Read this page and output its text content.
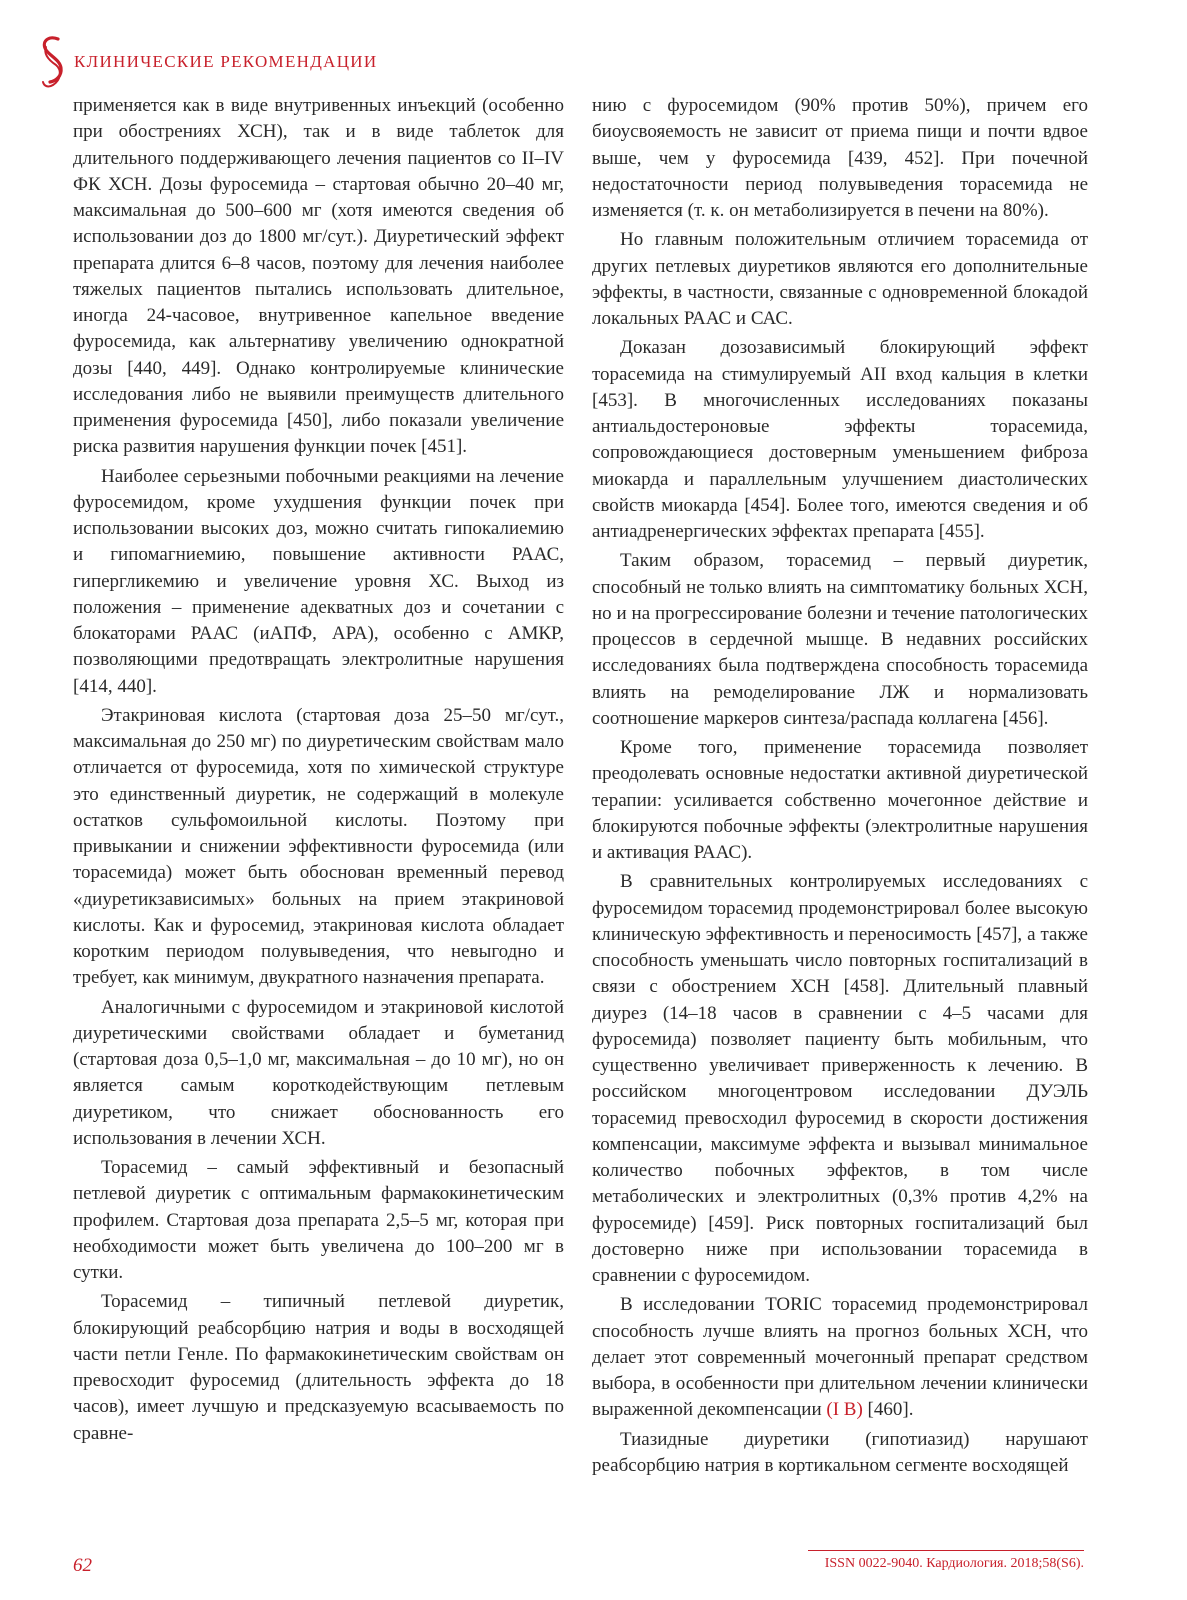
КЛИНИЧЕСКИЕ РЕКОМЕНДАЦИИ

применяется как в виде внутривенных инъекций (особенно при обострениях ХСН), так и в виде таблеток для длительного поддерживающего лечения пациентов со II–IV ФК ХСН. Дозы фуросемида – стартовая обычно 20–40 мг, максимальная до 500–600 мг (хотя имеются сведения об использовании доз до 1800 мг/сут.). Диуретический эффект препарата длится 6–8 часов, поэтому для лечения наиболее тяжелых пациентов пытались использовать длительное, иногда 24-часовое, внутривенное капельное введение фуросемида, как альтернативу увеличению однократной дозы [440, 449]. Однако контролируемые клинические исследования либо не выявили преимуществ длительного применения фуросемида [450], либо показали увеличение риска развития нарушения функции почек [451].

Наиболее серьезными побочными реакциями на лечение фуросемидом, кроме ухудшения функции почек при использовании высоких доз, можно считать гипокалиемию и гипомагниемию, повышение активности РААС, гипергликемию и увеличение уровня ХС. Выход из положения – применение адекватных доз и сочетании с блокаторами РААС (иАПФ, АРА), особенно с АМКР, позволяющими предотвращать электролитные нарушения [414, 440].

Этакриновая кислота (стартовая доза 25–50 мг/сут., максимальная до 250 мг) по диуретическим свойствам мало отличается от фуросемида, хотя по химической структуре это единственный диуретик, не содержащий в молекуле остатков сульфомоильной кислоты. Поэтому при привыкании и снижении эффективности фуросемида (или торасемида) может быть обоснован временный перевод «диуретикзависимых» больных на прием этакриновой кислоты. Как и фуросемид, этакриновая кислота обладает коротким периодом полувыведения, что невыгодно и требует, как минимум, двукратного назначения препарата.

Аналогичными с фуросемидом и этакриновой кислотой диуретическими свойствами обладает и буметанид (стартовая доза 0,5–1,0 мг, максимальная – до 10 мг), но он является самым короткодействующим петлевым диуретиком, что снижает обоснованность его использования в лечении ХСН.

Торасемид – самый эффективный и безопасный петлевой диуретик с оптимальным фармакокинетическим профилем. Стартовая доза препарата 2,5–5 мг, которая при необходимости может быть увеличена до 100–200 мг в сутки.

Торасемид – типичный петлевой диуретик, блокирующий реабсорбцию натрия и воды в восходящей части петли Генле. По фармакокинетическим свойствам он превосходит фуросемид (длительность эффекта до 18 часов), имеет лучшую и предсказуемую всасываемость по сравне-

нию с фуросемидом (90% против 50%), причем его биоусвояемость не зависит от приема пищи и почти вдвое выше, чем у фуросемида [439, 452]. При почечной недостаточности период полувыведения торасемида не изменяется (т. к. он метаболизируется в печени на 80%).

Но главным положительным отличием торасемида от других петлевых диуретиков являются его дополнительные эффекты, в частности, связанные с одновременной блокадой локальных РААС и САС.

Доказан дозозависимый блокирующий эффект торасемида на стимулируемый AII вход кальция в клетки [453]. В многочисленных исследованиях показаны антиальдостероновые эффекты торасемида, сопровождающиеся достоверным уменьшением фиброза миокарда и параллельным улучшением диастолических свойств миокарда [454]. Более того, имеются сведения и об антиадренергических эффектах препарата [455].

Таким образом, торасемид – первый диуретик, способный не только влиять на симптоматику больных ХСН, но и на прогрессирование болезни и течение патологических процессов в сердечной мышце. В недавних российских исследованиях была подтверждена способность торасемида влиять на ремоделирование ЛЖ и нормализовать соотношение маркеров синтеза/распада коллагена [456].

Кроме того, применение торасемида позволяет преодолевать основные недостатки активной диуретической терапии: усиливается собственно мочегонное действие и блокируются побочные эффекты (электролитные нарушения и активация РААС).

В сравнительных контролируемых исследованиях с фуросемидом торасемид продемонстрировал более высокую клиническую эффективность и переносимость [457], а также способность уменьшать число повторных госпитализаций в связи с обострением ХСН [458]. Длительный плавный диурез (14–18 часов в сравнении с 4–5 часами для фуросемида) позволяет пациенту быть мобильным, что существенно увеличивает приверженность к лечению. В российском многоцентровом исследовании ДУЭЛЬ торасемид превосходил фуросемид в скорости достижения компенсации, максимуме эффекта и вызывал минимальное количество побочных эффектов, в том числе метаболических и электролитных (0,3% против 4,2% на фуросемиде) [459]. Риск повторных госпитализаций был достоверно ниже при использовании торасемида в сравнении с фуросемидом.

В исследовании TORIC торасемид продемонстрировал способность лучше влиять на прогноз больных ХСН, что делает этот современный мочегонный препарат средством выбора, в особенности при длительном лечении клинически выраженной декомпенсации (I B) [460].

Тиазидные диуретики (гипотиазид) нарушают реабсорбцию натрия в кортикальном сегменте восходящей

62	ISSN 0022-9040. Кардиология. 2018;58(S6).
